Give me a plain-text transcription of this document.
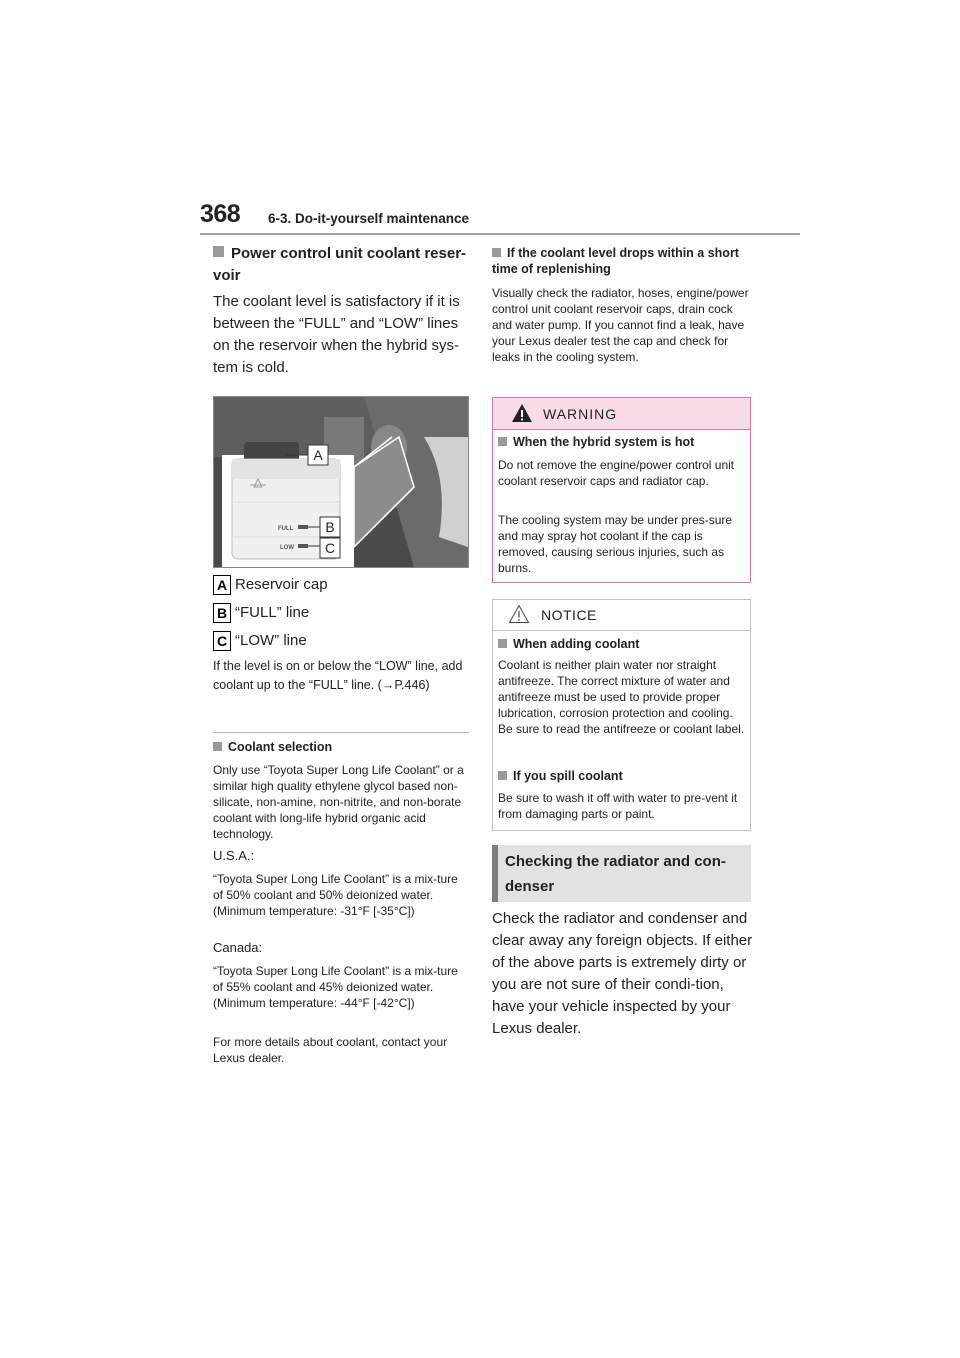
368 6-3. Do-it-yourself maintenance
Power control unit coolant reser-voir
The coolant level is satisfactory if it is between the “FULL” and “LOW” lines on the reservoir when the hybrid sys-tem is cold.
FULL
LOW
A
B
C
A Reservoir cap
B “FULL” line
C “LOW” line
If the level is on or below the “LOW” line, add coolant up to the “FULL” line. (→P.446)
Coolant selection
Only use “Toyota Super Long Life Coolant” or a similar high quality ethylene glycol based non-silicate, non-amine, non-nitrite, and non-borate coolant with long-life hybrid organic acid technology.
U.S.A.:
“Toyota Super Long Life Coolant” is a mix-ture of 50% coolant and 50% deionized water. (Minimum temperature: -31°F [-35°C])
Canada:
“Toyota Super Long Life Coolant” is a mix-ture of 55% coolant and 45% deionized water. (Minimum temperature: -44°F [-42°C])
For more details about coolant, contact your Lexus dealer.
If the coolant level drops within a short time of replenishing
Visually check the radiator, hoses, engine/power control unit coolant reservoir caps, drain cock and water pump. If you cannot find a leak, have your Lexus dealer test the cap and check for leaks in the cooling system.
WARNING
When the hybrid system is hot
Do not remove the engine/power control unit coolant reservoir caps and radiator cap.
The cooling system may be under pres-sure and may spray hot coolant if the cap is removed, causing serious injuries, such as burns.
NOTICE
When adding coolant
Coolant is neither plain water nor straight antifreeze. The correct mixture of water and antifreeze must be used to provide proper lubrication, corrosion protection and cooling. Be sure to read the antifreeze or coolant label.
If you spill coolant
Be sure to wash it off with water to pre-vent it from damaging parts or paint.
Checking the radiator and con-denser
Check the radiator and condenser and clear away any foreign objects. If either of the above parts is extremely dirty or you are not sure of their condi-tion, have your vehicle inspected by your Lexus dealer.
